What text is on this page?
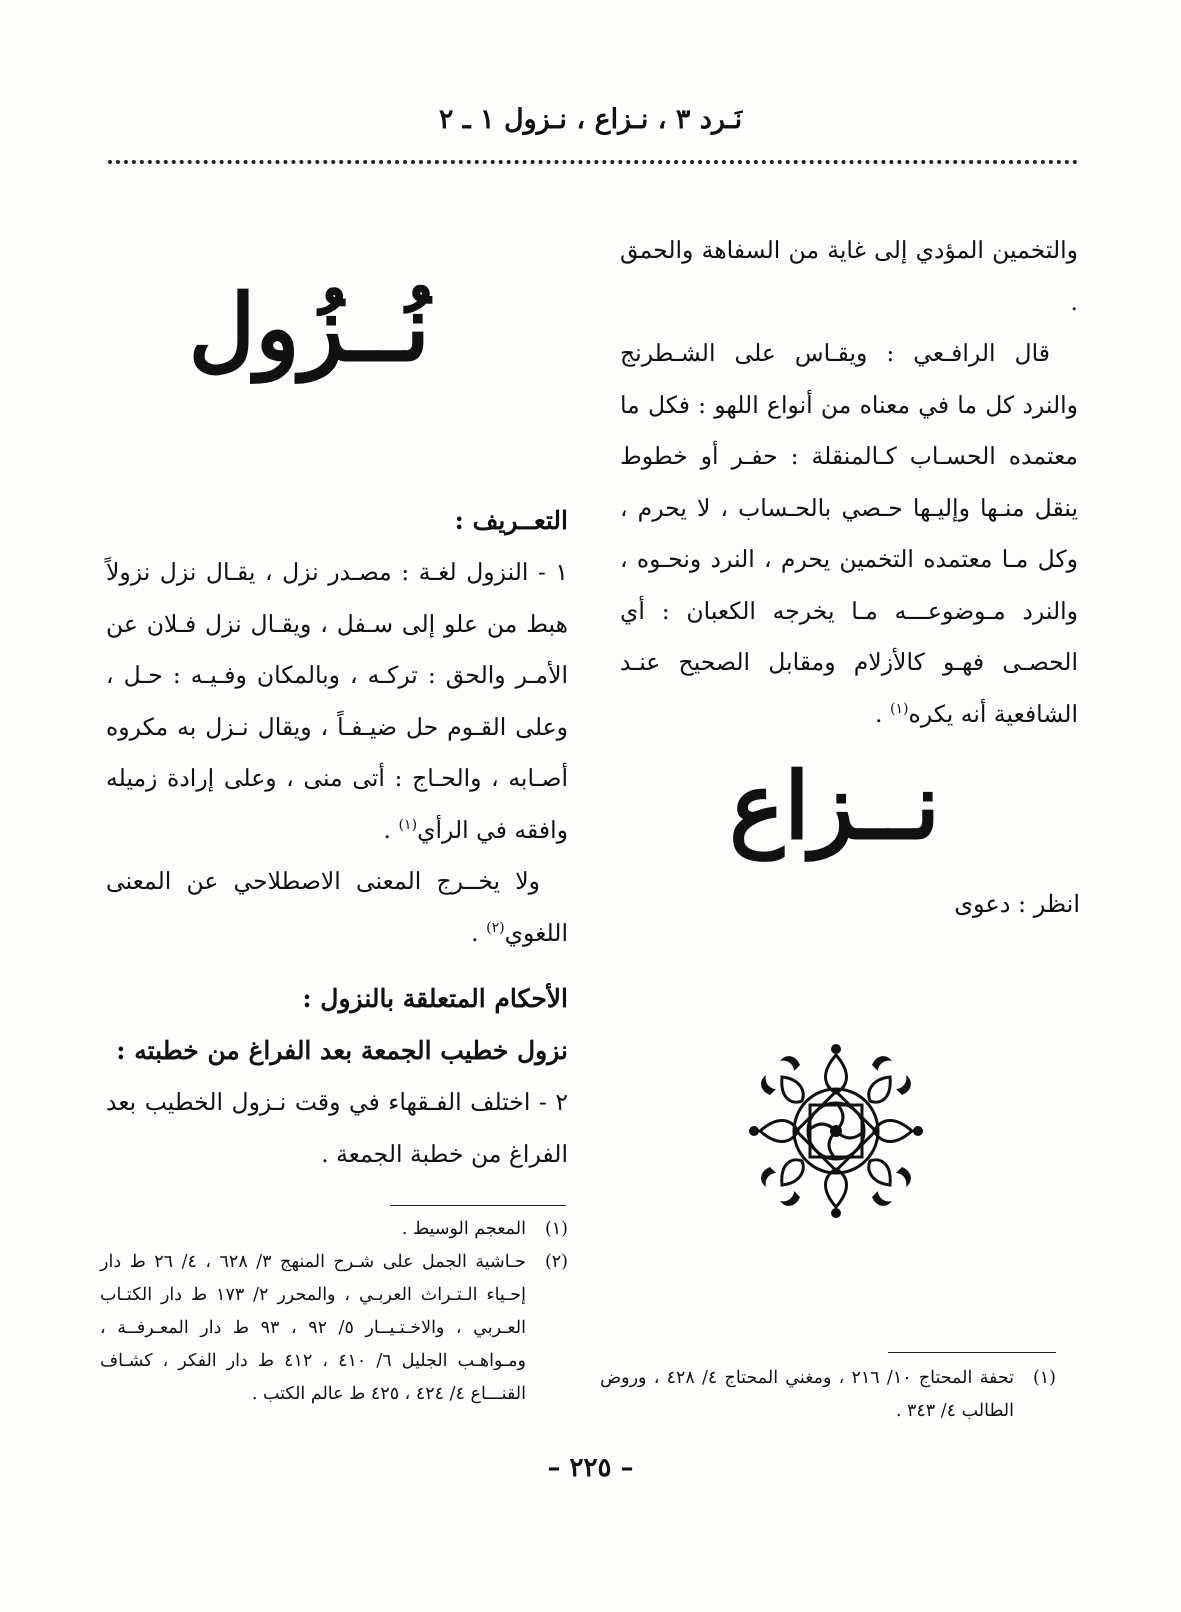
نَـرد ٣ ، نـزاع ، نـزول ١ ـ ٢

والتخمين المؤدي إلى غاية من السفاهة والحمق .

قال الرافـعي : ويقـاس على الشـطرنج والنرد كل ما في معناه من أنواع اللهو : فكل ما معتمده الحسـاب كـالمنقلة : حفـر أو خطوط ينقل منـها وإليـها حـصي بالحـساب ، لا يحرم ، وكل مـا معتمده التخمين يحرم ، النرد ونحـوه ، والنرد مـوضوعـــه مـا يخرجه الكعبان : أي الحصـى فهـو كالأزلام ومقابل الصحيح عنـد الشافعية أنه يكره$^{(١)}$ .

نــزاع
انظر : دعوى
نُــزُول
التعــريف :

١ - النزول لغـة : مصـدر نزل ، يقـال نزل نزولاً هبط من علو إلى سـفل ، ويقـال نزل فـلان عن الأمـر والحق : تركـه ، وبالمكان وفـيـه : حـل ، وعلى القـوم حل ضيـفـاً ، ويقال نـزل به مكروه أصـابه ، والحـاج : أتى منى ، وعلى إرادة زميله وافقه في الرأي$^{(١)}$ .

ولا يخــرج المعنى الاصطلاحي عن المعنى اللغوي$^{(٢)}$ .

الأحكام المتعلقة بالنزول :
نزول خطيب الجمعة بعد الفراغ من خطبته :

٢ - اختلف الفـقهاء في وقت نـزول الخطيب بعد الفراغ من خطبة الجمعة .

(١)
المعجم الوسيط .
(٢)
حـاشية الجمل على شـرح المنهج ٣/ ٦٢٨ ، ٤/ ٢٦ ط دار إحـياء الـتـراث العربـي ، والمحرر ٢/ ١٧٣ ط دار الكتـاب العـربي ، والاخـتـيــار ٥/ ٩٢ ، ٩٣ ط دار المعـرفــة ، ومـواهـب الجليل ٦/ ٤١٠ ، ٤١٢ ط دار الفكر ، كشـاف القنـــاع ٤/ ٤٢٤ ، ٤٢٥ ط عالم الكتب .
(١)
تحفة المحتاج ١٠/ ٢١٦ ، ومغني المحتاج ٤/ ٤٢٨ ، وروض الطالب ٤/ ٣٤٣ .
– ٢٢٥ –
